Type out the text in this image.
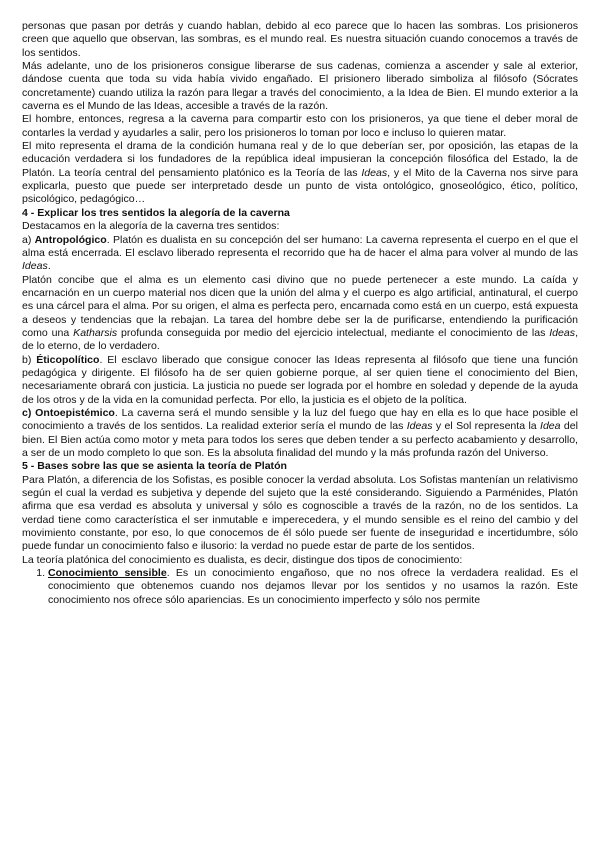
personas que pasan por detrás y cuando hablan, debido al eco parece que lo hacen las sombras. Los prisioneros creen que aquello que observan, las sombras, es el mundo real. Es nuestra situación cuando conocemos a través de los sentidos.

Más adelante, uno de los prisioneros consigue liberarse de sus cadenas, comienza a ascender y sale al exterior, dándose cuenta que toda su vida había vivido engañado. El prisionero liberado simboliza al filósofo (Sócrates concretamente) cuando utiliza la razón para llegar a través del conocimiento, a la Idea de Bien. El mundo exterior a la caverna es el Mundo de las Ideas, accesible a través de la razón.

El hombre, entonces, regresa a la caverna para compartir esto con los prisioneros, ya que tiene el deber moral de contarles la verdad y ayudarles a salir, pero los prisioneros lo toman por loco e incluso lo quieren matar.

El mito representa el drama de la condición humana real y de lo que deberían ser, por oposición, las etapas de la educación verdadera si los fundadores de la república ideal impusieran la concepción filosófica del Estado, la de Platón. La teoría central del pensamiento platónico es la Teoría de las Ideas, y el Mito de la Caverna nos sirve para explicarla, puesto que puede ser interpretado desde un punto de vista ontológico, gnoseológico, ético, político, psicológico, pedagógico…

4 - Explicar los tres sentidos la alegoría de la caverna

Destacamos en la alegoría de la caverna tres sentidos:

a) Antropológico. Platón es dualista en su concepción del ser humano: La caverna representa el cuerpo en el que el alma está encerrada. El esclavo liberado representa el recorrido que ha de hacer el alma para volver al mundo de las Ideas.

Platón concibe que el alma es un elemento casi divino que no puede pertenecer a este mundo. La caída y encarnación en un cuerpo material nos dicen que la unión del alma y el cuerpo es algo artificial, antinatural, el cuerpo es una cárcel para el alma. Por su origen, el alma es perfecta pero, encarnada como está en un cuerpo, está expuesta a deseos y tendencias que la rebajan. La tarea del hombre debe ser la de purificarse, entendiendo la purificación como una Katharsis profunda conseguida por medio del ejercicio intelectual, mediante el conocimiento de las Ideas, de lo eterno, de lo verdadero.

b) Éticopolítico. El esclavo liberado que consigue conocer las Ideas representa al filósofo que tiene una función pedagógica y dirigente. El filósofo ha de ser quien gobierne porque, al ser quien tiene el conocimiento del Bien, necesariamente obrará con justicia. La justicia no puede ser lograda por el hombre en soledad y depende de la ayuda de los otros y de la vida en la comunidad perfecta. Por ello, la justicia es el objeto de la política.

c) Ontoepistémico. La caverna será el mundo sensible y la luz del fuego que hay en ella es lo que hace posible el conocimiento a través de los sentidos. La realidad exterior sería el mundo de las Ideas y el Sol representa la Idea del bien. El Bien actúa como motor y meta para todos los seres que deben tender a su perfecto acabamiento y desarrollo, a ser de un modo completo lo que son. Es la absoluta finalidad del mundo y la más profunda razón del Universo.

5 - Bases sobre las que se asienta la teoría de Platón

Para Platón, a diferencia de los Sofistas, es posible conocer la verdad absoluta. Los Sofistas mantenían un relativismo según el cual la verdad es subjetiva y depende del sujeto que la esté considerando. Siguiendo a Parménides, Platón afirma que esa verdad es absoluta y universal y sólo es cognoscible a través de la razón, no de los sentidos. La verdad tiene como característica el ser inmutable e imperecedera, y el mundo sensible es el reino del cambio y del movimiento constante, por eso, lo que conocemos de él sólo puede ser fuente de inseguridad e incertidumbre, sólo puede fundar un conocimiento falso e ilusorio: la verdad no puede estar de parte de los sentidos.

La teoría platónica del conocimiento es dualista, es decir, distingue dos tipos de conocimiento:

1. Conocimiento sensible. Es un conocimiento engañoso, que no nos ofrece la verdadera realidad. Es el conocimiento que obtenemos cuando nos dejamos llevar por los sentidos y no usamos la razón. Este conocimiento nos ofrece sólo apariencias. Es un conocimiento imperfecto y sólo nos permite
